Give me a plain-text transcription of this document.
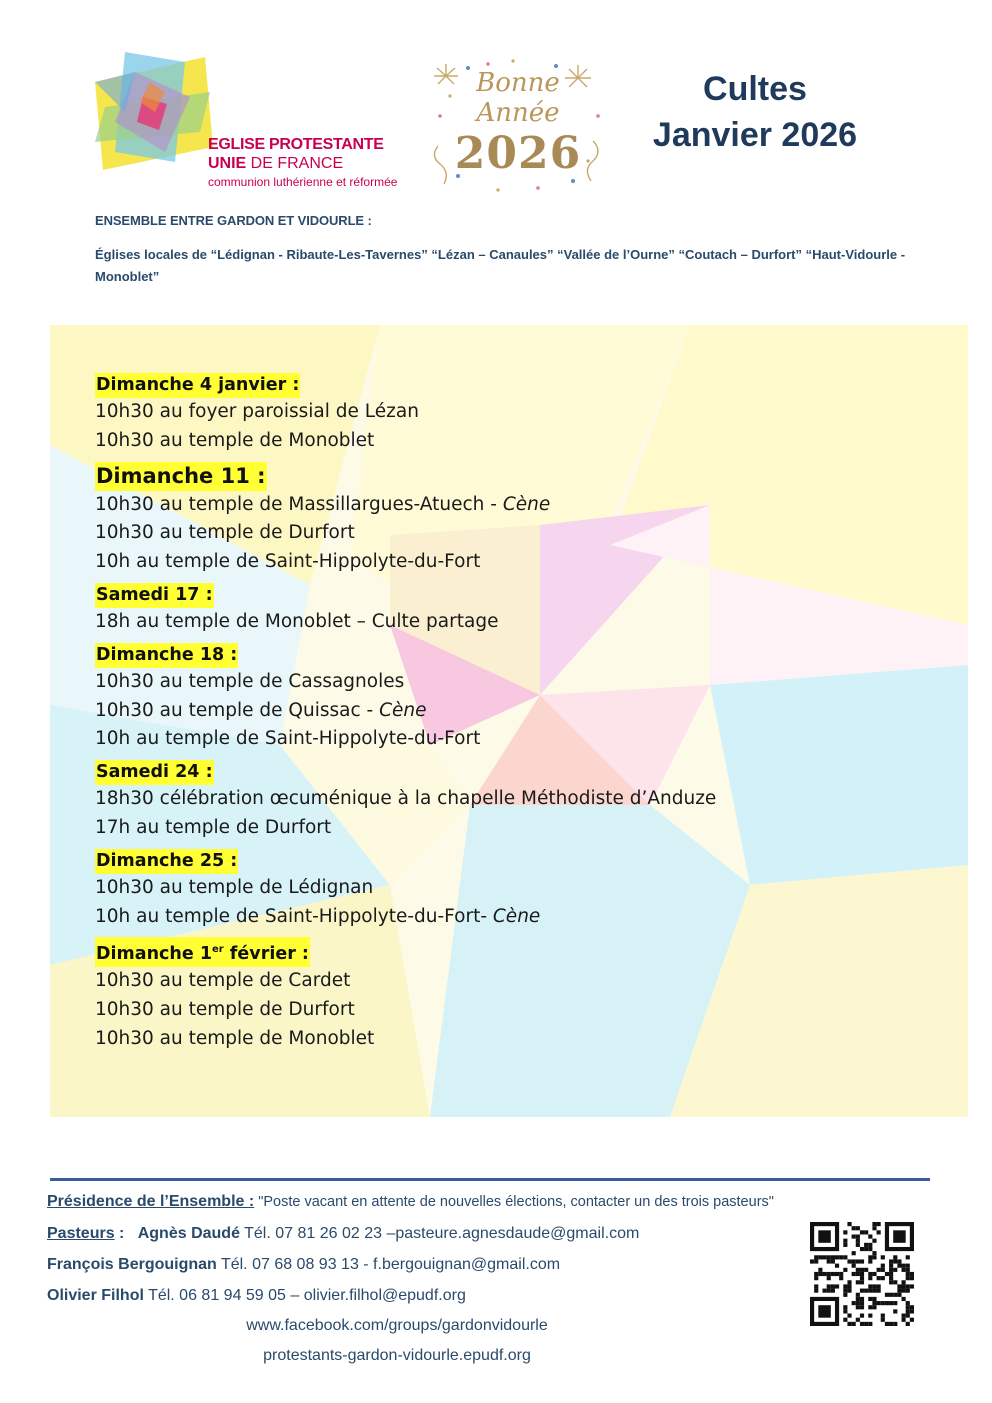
EGLISE PROTESTANTE
UNIE DE FRANCE
communion luthérienne et réformée
Bonne
Année
2026
Cultes
Janvier 2026
ENSEMBLE ENTRE GARDON ET VIDOURLE :
Églises locales de “Lédignan - Ribaute-Les-Tavernes” “Lézan – Canaules” “Vallée de l’Ourne” “Coutach – Durfort” “Haut-Vidourle - Monoblet”
Dimanche 4 janvier :
10h30 au foyer paroissial de Lézan
10h30 au temple de Monoblet
Dimanche 11 :
10h30 au temple de Massillargues-Atuech - Cène
10h30 au temple de Durfort
10h au temple de Saint-Hippolyte-du-Fort
Samedi 17 :
18h au temple de Monoblet – Culte partage
Dimanche 18 :
10h30 au temple de Cassagnoles
10h30 au temple de Quissac - Cène
10h au temple de Saint-Hippolyte-du-Fort
Samedi 24 :
18h30 célébration œcuménique à la chapelle Méthodiste d’Anduze
17h au temple de Durfort
Dimanche 25 :
10h30 au temple de Lédignan
10h au temple de Saint-Hippolyte-du-Fort- Cène
Dimanche 1er février :
10h30 au temple de Cardet
10h30 au temple de Durfort
10h30 au temple de Monoblet
Présidence de l’Ensemble : "Poste vacant en attente de nouvelles élections, contacter un des trois pasteurs"
Pasteurs : Agnès Daudé Tél. 07 81 26 02 23 –pasteure.agnesdaude@gmail.com
François Bergouignan Tél. 07 68 08 93 13 - f.bergouignan@gmail.com
Olivier Filhol Tél. 06 81 94 59 05 – olivier.filhol@epudf.org
www.facebook.com/groups/gardonvidourle
protestants-gardon-vidourle.epudf.org
